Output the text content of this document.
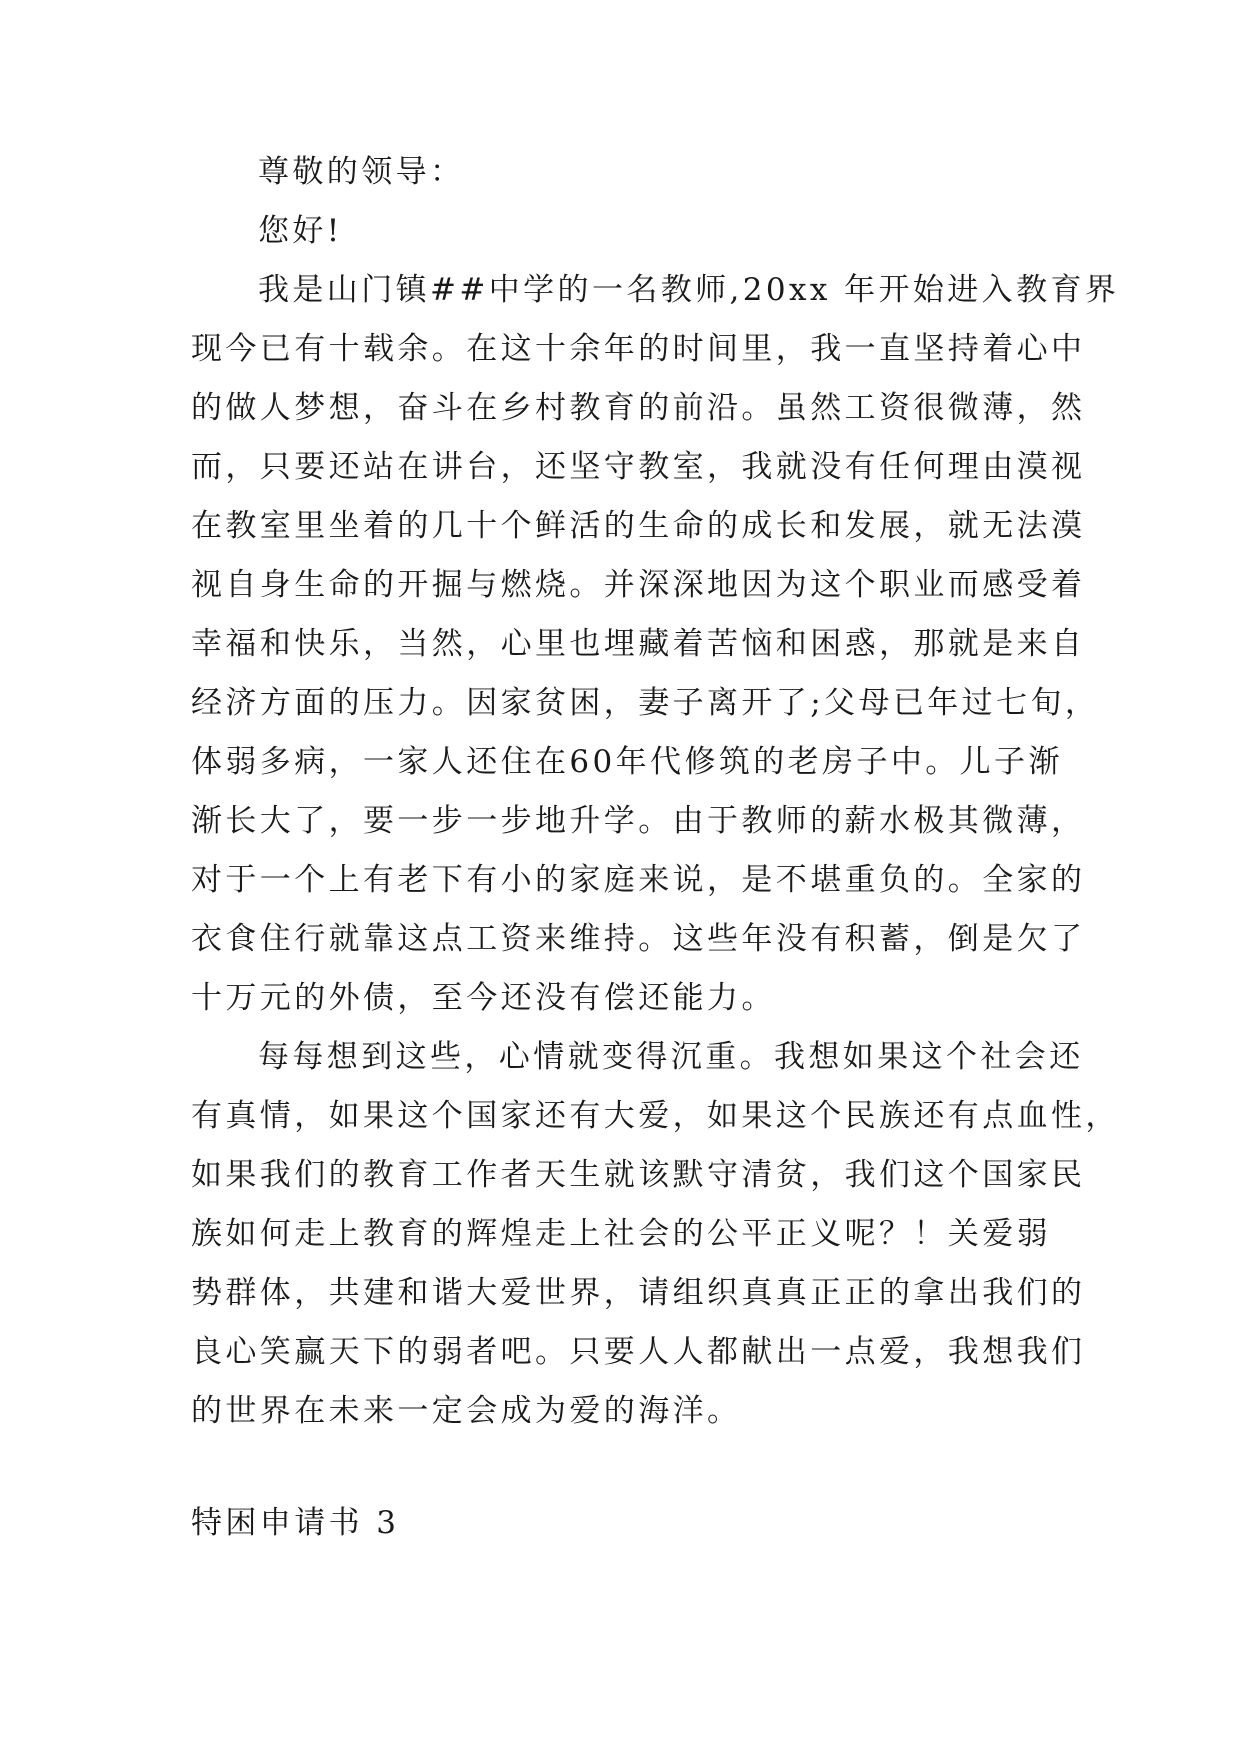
尊敬的领导：
您好!
我是山门镇##中学的一名教师,20xx 年开始进入教育界
现今已有十载余。在这十余年的时间里，我一直坚持着心中
的做人梦想，奋斗在乡村教育的前沿。虽然工资很微薄，然
而，只要还站在讲台，还坚守教室，我就没有任何理由漠视
在教室里坐着的几十个鲜活的生命的成长和发展，就无法漠
视自身生命的开掘与燃烧。并深深地因为这个职业而感受着
幸福和快乐，当然，心里也埋藏着苦恼和困惑，那就是来自
经济方面的压力。因家贫困，妻子离开了;父母已年过七旬，
体弱多病，一家人还住在60年代修筑的老房子中。儿子渐
渐长大了，要一步一步地升学。由于教师的薪水极其微薄，
对于一个上有老下有小的家庭来说，是不堪重负的。全家的
衣食住行就靠这点工资来维持。这些年没有积蓄，倒是欠了
十万元的外债，至今还没有偿还能力。
每每想到这些，心情就变得沉重。我想如果这个社会还
有真情，如果这个国家还有大爱，如果这个民族还有点血性，
如果我们的教育工作者天生就该默守清贫，我们这个国家民
族如何走上教育的辉煌走上社会的公平正义呢？！关爱弱
势群体，共建和谐大爱世界，请组织真真正正的拿出我们的
良心笑赢天下的弱者吧。只要人人都献出一点爱，我想我们
的世界在未来一定会成为爱的海洋。
特困申请书 3
